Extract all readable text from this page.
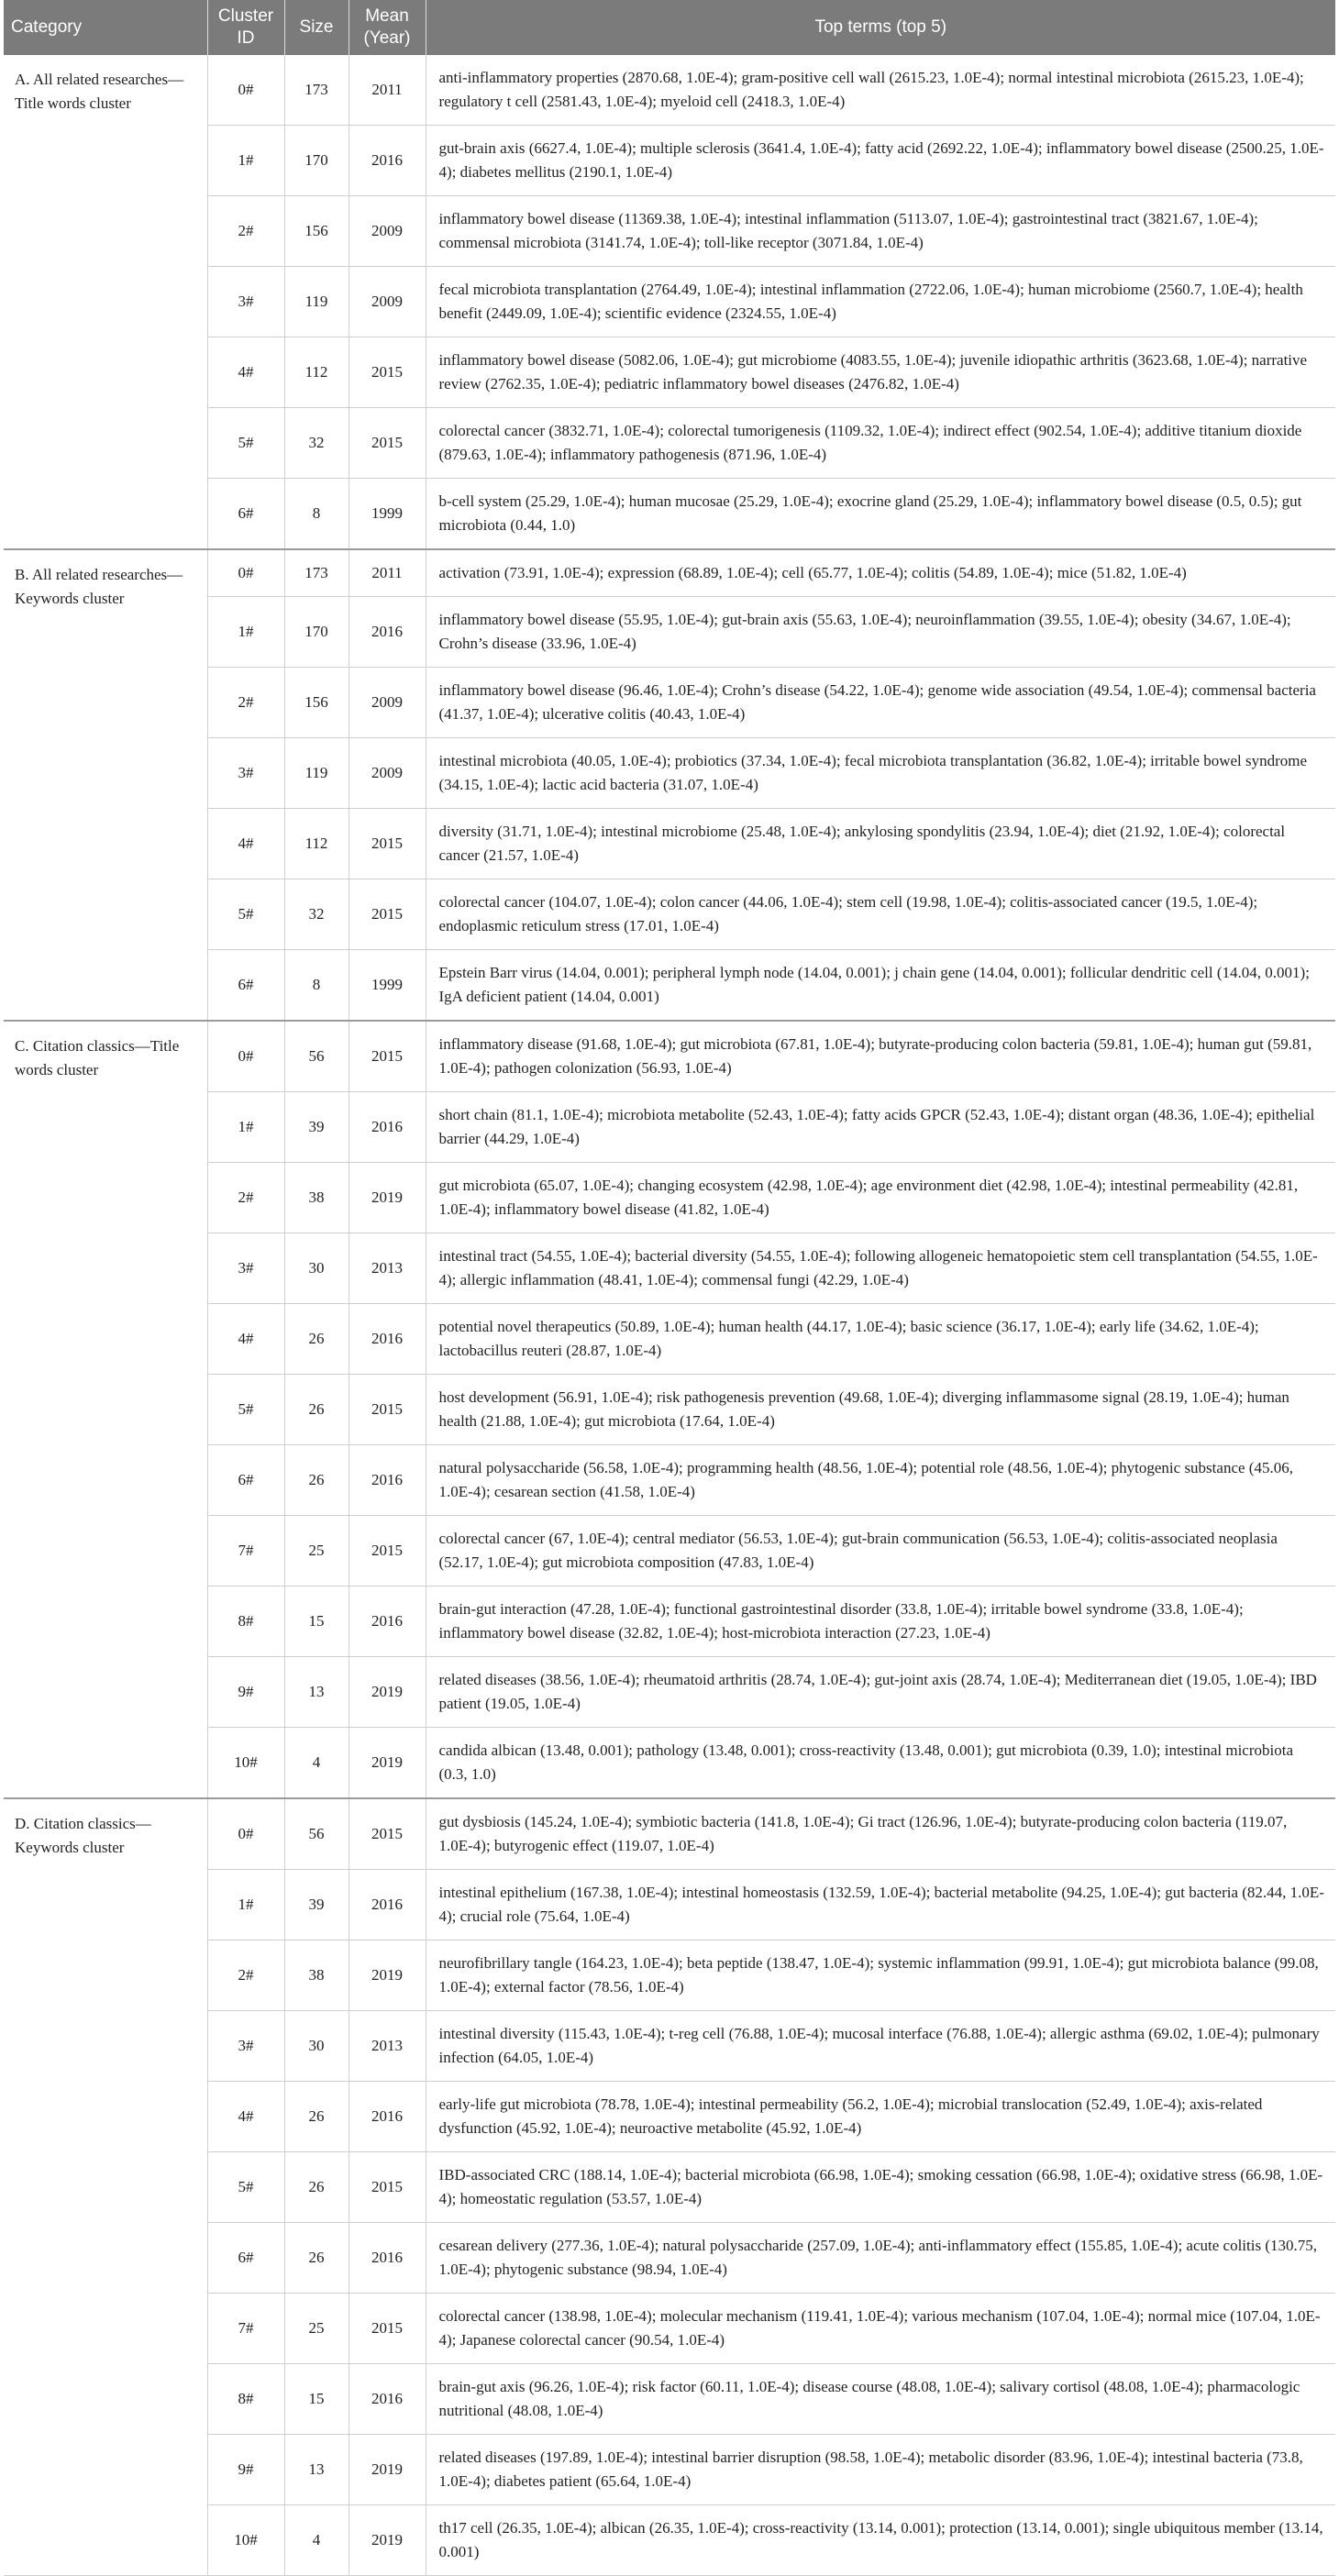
Category	Cluster ID	Size	Mean (Year)	Top terms (top 5)
A. All related researches—Title words cluster	0#	173	2011	anti-inflammatory properties (2870.68, 1.0E-4); gram-positive cell wall (2615.23, 1.0E-4); normal intestinal microbiota (2615.23, 1.0E-4); regulatory t cell (2581.43, 1.0E-4); myeloid cell (2418.3, 1.0E-4)
	1#	170	2016	gut-brain axis (6627.4, 1.0E-4); multiple sclerosis (3641.4, 1.0E-4); fatty acid (2692.22, 1.0E-4); inflammatory bowel disease (2500.25, 1.0E-4); diabetes mellitus (2190.1, 1.0E-4)
	2#	156	2009	inflammatory bowel disease (11369.38, 1.0E-4); intestinal inflammation (5113.07, 1.0E-4); gastrointestinal tract (3821.67, 1.0E-4); commensal microbiota (3141.74, 1.0E-4); toll-like receptor (3071.84, 1.0E-4)
	3#	119	2009	fecal microbiota transplantation (2764.49, 1.0E-4); intestinal inflammation (2722.06, 1.0E-4); human microbiome (2560.7, 1.0E-4); health benefit (2449.09, 1.0E-4); scientific evidence (2324.55, 1.0E-4)
	4#	112	2015	inflammatory bowel disease (5082.06, 1.0E-4); gut microbiome (4083.55, 1.0E-4); juvenile idiopathic arthritis (3623.68, 1.0E-4); narrative review (2762.35, 1.0E-4); pediatric inflammatory bowel diseases (2476.82, 1.0E-4)
	5#	32	2015	colorectal cancer (3832.71, 1.0E-4); colorectal tumorigenesis (1109.32, 1.0E-4); indirect effect (902.54, 1.0E-4); additive titanium dioxide (879.63, 1.0E-4); inflammatory pathogenesis (871.96, 1.0E-4)
	6#	8	1999	b-cell system (25.29, 1.0E-4); human mucosae (25.29, 1.0E-4); exocrine gland (25.29, 1.0E-4); inflammatory bowel disease (0.5, 0.5); gut microbiota (0.44, 1.0)
B. All related researches—Keywords cluster	0#	173	2011	activation (73.91, 1.0E-4); expression (68.89, 1.0E-4); cell (65.77, 1.0E-4); colitis (54.89, 1.0E-4); mice (51.82, 1.0E-4)
	1#	170	2016	inflammatory bowel disease (55.95, 1.0E-4); gut-brain axis (55.63, 1.0E-4); neuroinflammation (39.55, 1.0E-4); obesity (34.67, 1.0E-4); Crohn’s disease (33.96, 1.0E-4)
	2#	156	2009	inflammatory bowel disease (96.46, 1.0E-4); Crohn’s disease (54.22, 1.0E-4); genome wide association (49.54, 1.0E-4); commensal bacteria (41.37, 1.0E-4); ulcerative colitis (40.43, 1.0E-4)
	3#	119	2009	intestinal microbiota (40.05, 1.0E-4); probiotics (37.34, 1.0E-4); fecal microbiota transplantation (36.82, 1.0E-4); irritable bowel syndrome (34.15, 1.0E-4); lactic acid bacteria (31.07, 1.0E-4)
	4#	112	2015	diversity (31.71, 1.0E-4); intestinal microbiome (25.48, 1.0E-4); ankylosing spondylitis (23.94, 1.0E-4); diet (21.92, 1.0E-4); colorectal cancer (21.57, 1.0E-4)
	5#	32	2015	colorectal cancer (104.07, 1.0E-4); colon cancer (44.06, 1.0E-4); stem cell (19.98, 1.0E-4); colitis-associated cancer (19.5, 1.0E-4); endoplasmic reticulum stress (17.01, 1.0E-4)
	6#	8	1999	Epstein Barr virus (14.04, 0.001); peripheral lymph node (14.04, 0.001); j chain gene (14.04, 0.001); follicular dendritic cell (14.04, 0.001); IgA deficient patient (14.04, 0.001)
C. Citation classics—Title words cluster	0#	56	2015	inflammatory disease (91.68, 1.0E-4); gut microbiota (67.81, 1.0E-4); butyrate-producing colon bacteria (59.81, 1.0E-4); human gut (59.81, 1.0E-4); pathogen colonization (56.93, 1.0E-4)
	1#	39	2016	short chain (81.1, 1.0E-4); microbiota metabolite (52.43, 1.0E-4); fatty acids GPCR (52.43, 1.0E-4); distant organ (48.36, 1.0E-4); epithelial barrier (44.29, 1.0E-4)
	2#	38	2019	gut microbiota (65.07, 1.0E-4); changing ecosystem (42.98, 1.0E-4); age environment diet (42.98, 1.0E-4); intestinal permeability (42.81, 1.0E-4); inflammatory bowel disease (41.82, 1.0E-4)
	3#	30	2013	intestinal tract (54.55, 1.0E-4); bacterial diversity (54.55, 1.0E-4); following allogeneic hematopoietic stem cell transplantation (54.55, 1.0E-4); allergic inflammation (48.41, 1.0E-4); commensal fungi (42.29, 1.0E-4)
	4#	26	2016	potential novel therapeutics (50.89, 1.0E-4); human health (44.17, 1.0E-4); basic science (36.17, 1.0E-4); early life (34.62, 1.0E-4); lactobacillus reuteri (28.87, 1.0E-4)
	5#	26	2015	host development (56.91, 1.0E-4); risk pathogenesis prevention (49.68, 1.0E-4); diverging inflammasome signal (28.19, 1.0E-4); human health (21.88, 1.0E-4); gut microbiota (17.64, 1.0E-4)
	6#	26	2016	natural polysaccharide (56.58, 1.0E-4); programming health (48.56, 1.0E-4); potential role (48.56, 1.0E-4); phytogenic substance (45.06, 1.0E-4); cesarean section (41.58, 1.0E-4)
	7#	25	2015	colorectal cancer (67, 1.0E-4); central mediator (56.53, 1.0E-4); gut-brain communication (56.53, 1.0E-4); colitis-associated neoplasia (52.17, 1.0E-4); gut microbiota composition (47.83, 1.0E-4)
	8#	15	2016	brain-gut interaction (47.28, 1.0E-4); functional gastrointestinal disorder (33.8, 1.0E-4); irritable bowel syndrome (33.8, 1.0E-4); inflammatory bowel disease (32.82, 1.0E-4); host-microbiota interaction (27.23, 1.0E-4)
	9#	13	2019	related diseases (38.56, 1.0E-4); rheumatoid arthritis (28.74, 1.0E-4); gut-joint axis (28.74, 1.0E-4); Mediterranean diet (19.05, 1.0E-4); IBD patient (19.05, 1.0E-4)
	10#	4	2019	candida albican (13.48, 0.001); pathology (13.48, 0.001); cross-reactivity (13.48, 0.001); gut microbiota (0.39, 1.0); intestinal microbiota (0.3, 1.0)
D. Citation classics—Keywords cluster	0#	56	2015	gut dysbiosis (145.24, 1.0E-4); symbiotic bacteria (141.8, 1.0E-4); Gi tract (126.96, 1.0E-4); butyrate-producing colon bacteria (119.07, 1.0E-4); butyrogenic effect (119.07, 1.0E-4)
	1#	39	2016	intestinal epithelium (167.38, 1.0E-4); intestinal homeostasis (132.59, 1.0E-4); bacterial metabolite (94.25, 1.0E-4); gut bacteria (82.44, 1.0E-4); crucial role (75.64, 1.0E-4)
	2#	38	2019	neurofibrillary tangle (164.23, 1.0E-4); beta peptide (138.47, 1.0E-4); systemic inflammation (99.91, 1.0E-4); gut microbiota balance (99.08, 1.0E-4); external factor (78.56, 1.0E-4)
	3#	30	2013	intestinal diversity (115.43, 1.0E-4); t-reg cell (76.88, 1.0E-4); mucosal interface (76.88, 1.0E-4); allergic asthma (69.02, 1.0E-4); pulmonary infection (64.05, 1.0E-4)
	4#	26	2016	early-life gut microbiota (78.78, 1.0E-4); intestinal permeability (56.2, 1.0E-4); microbial translocation (52.49, 1.0E-4); axis-related dysfunction (45.92, 1.0E-4); neuroactive metabolite (45.92, 1.0E-4)
	5#	26	2015	IBD-associated CRC (188.14, 1.0E-4); bacterial microbiota (66.98, 1.0E-4); smoking cessation (66.98, 1.0E-4); oxidative stress (66.98, 1.0E-4); homeostatic regulation (53.57, 1.0E-4)
	6#	26	2016	cesarean delivery (277.36, 1.0E-4); natural polysaccharide (257.09, 1.0E-4); anti-inflammatory effect (155.85, 1.0E-4); acute colitis (130.75, 1.0E-4); phytogenic substance (98.94, 1.0E-4)
	7#	25	2015	colorectal cancer (138.98, 1.0E-4); molecular mechanism (119.41, 1.0E-4); various mechanism (107.04, 1.0E-4); normal mice (107.04, 1.0E-4); Japanese colorectal cancer (90.54, 1.0E-4)
	8#	15	2016	brain-gut axis (96.26, 1.0E-4); risk factor (60.11, 1.0E-4); disease course (48.08, 1.0E-4); salivary cortisol (48.08, 1.0E-4); pharmacologic nutritional (48.08, 1.0E-4)
	9#	13	2019	related diseases (197.89, 1.0E-4); intestinal barrier disruption (98.58, 1.0E-4); metabolic disorder (83.96, 1.0E-4); intestinal bacteria (73.8, 1.0E-4); diabetes patient (65.64, 1.0E-4)
	10#	4	2019	th17 cell (26.35, 1.0E-4); albican (26.35, 1.0E-4); cross-reactivity (13.14, 0.001); protection (13.14, 0.001); single ubiquitous member (13.14, 0.001)
